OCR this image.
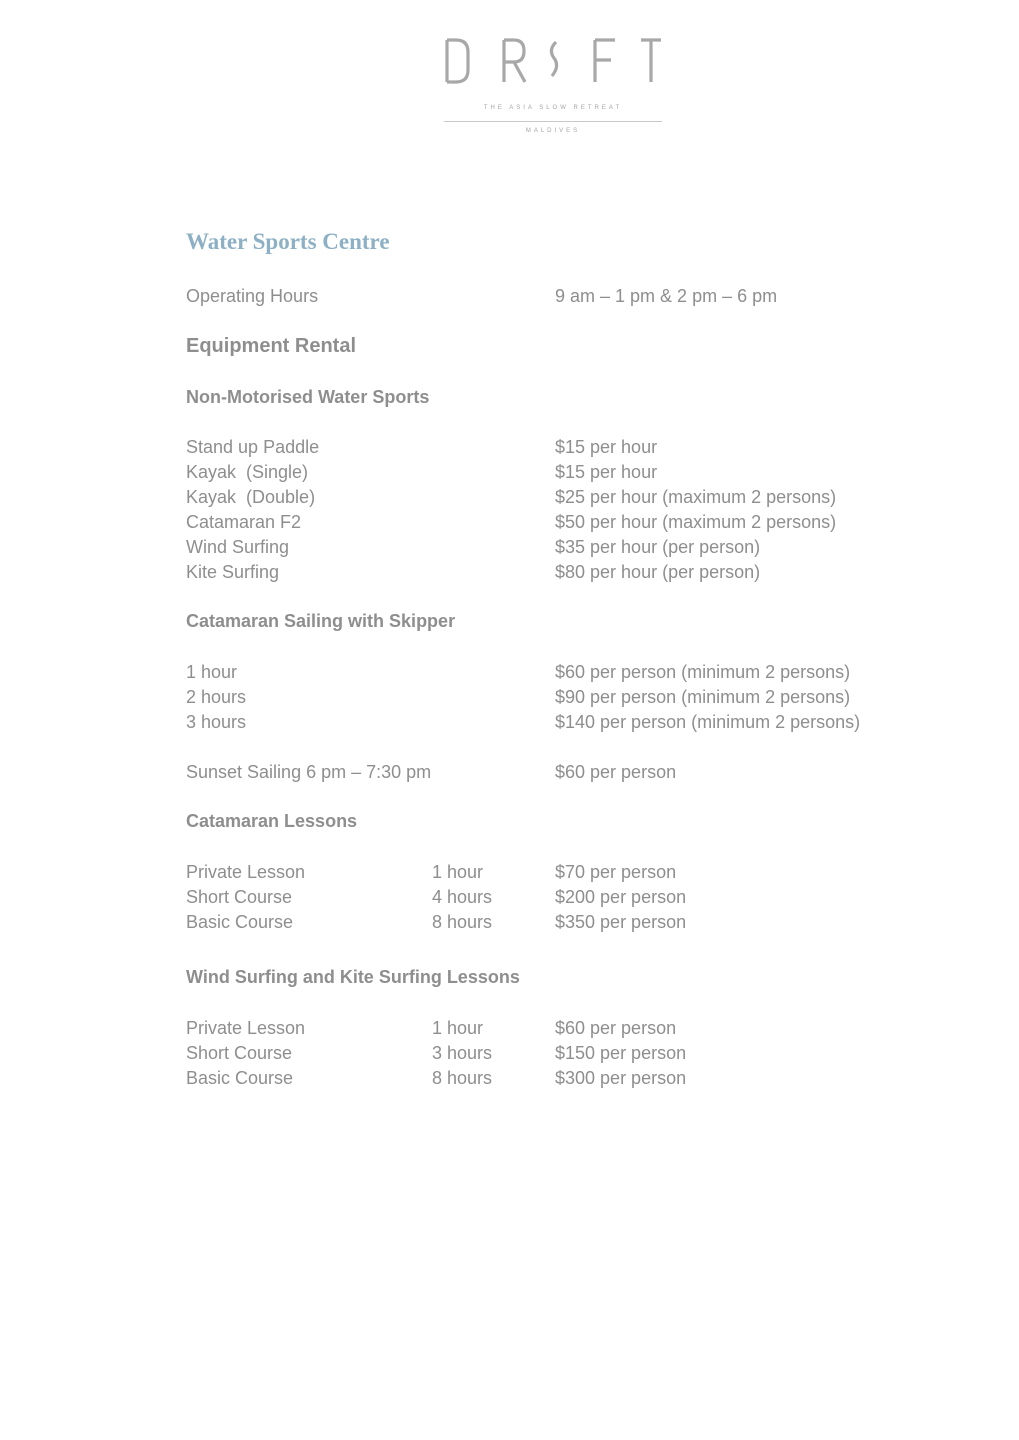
THE ASIA SLOW RETREAT
MALDIVES
Water Sports Centre
Operating Hours	9 am – 1 pm & 2 pm – 6 pm
Equipment Rental
Non-Motorised Water Sports
Stand up Paddle	$15 per hour
Kayak  (Single)	$15 per hour
Kayak  (Double)	$25 per hour (maximum 2 persons)
Catamaran F2	$50 per hour (maximum 2 persons)
Wind Surfing	$35 per hour (per person)
Kite Surfing	$80 per hour (per person)
Catamaran Sailing with Skipper
1 hour	$60 per person (minimum 2 persons)
2 hours	$90 per person (minimum 2 persons)
3 hours	$140 per person (minimum 2 persons)
Sunset Sailing 6 pm – 7:30 pm	$60 per person
Catamaran Lessons
Private Lesson	1 hour	$70 per person
Short Course	4 hours	$200 per person
Basic Course	8 hours	$350 per person
Wind Surfing and Kite Surfing Lessons
Private Lesson	1 hour	$60 per person
Short Course	3 hours	$150 per person
Basic Course	8 hours	$300 per person
